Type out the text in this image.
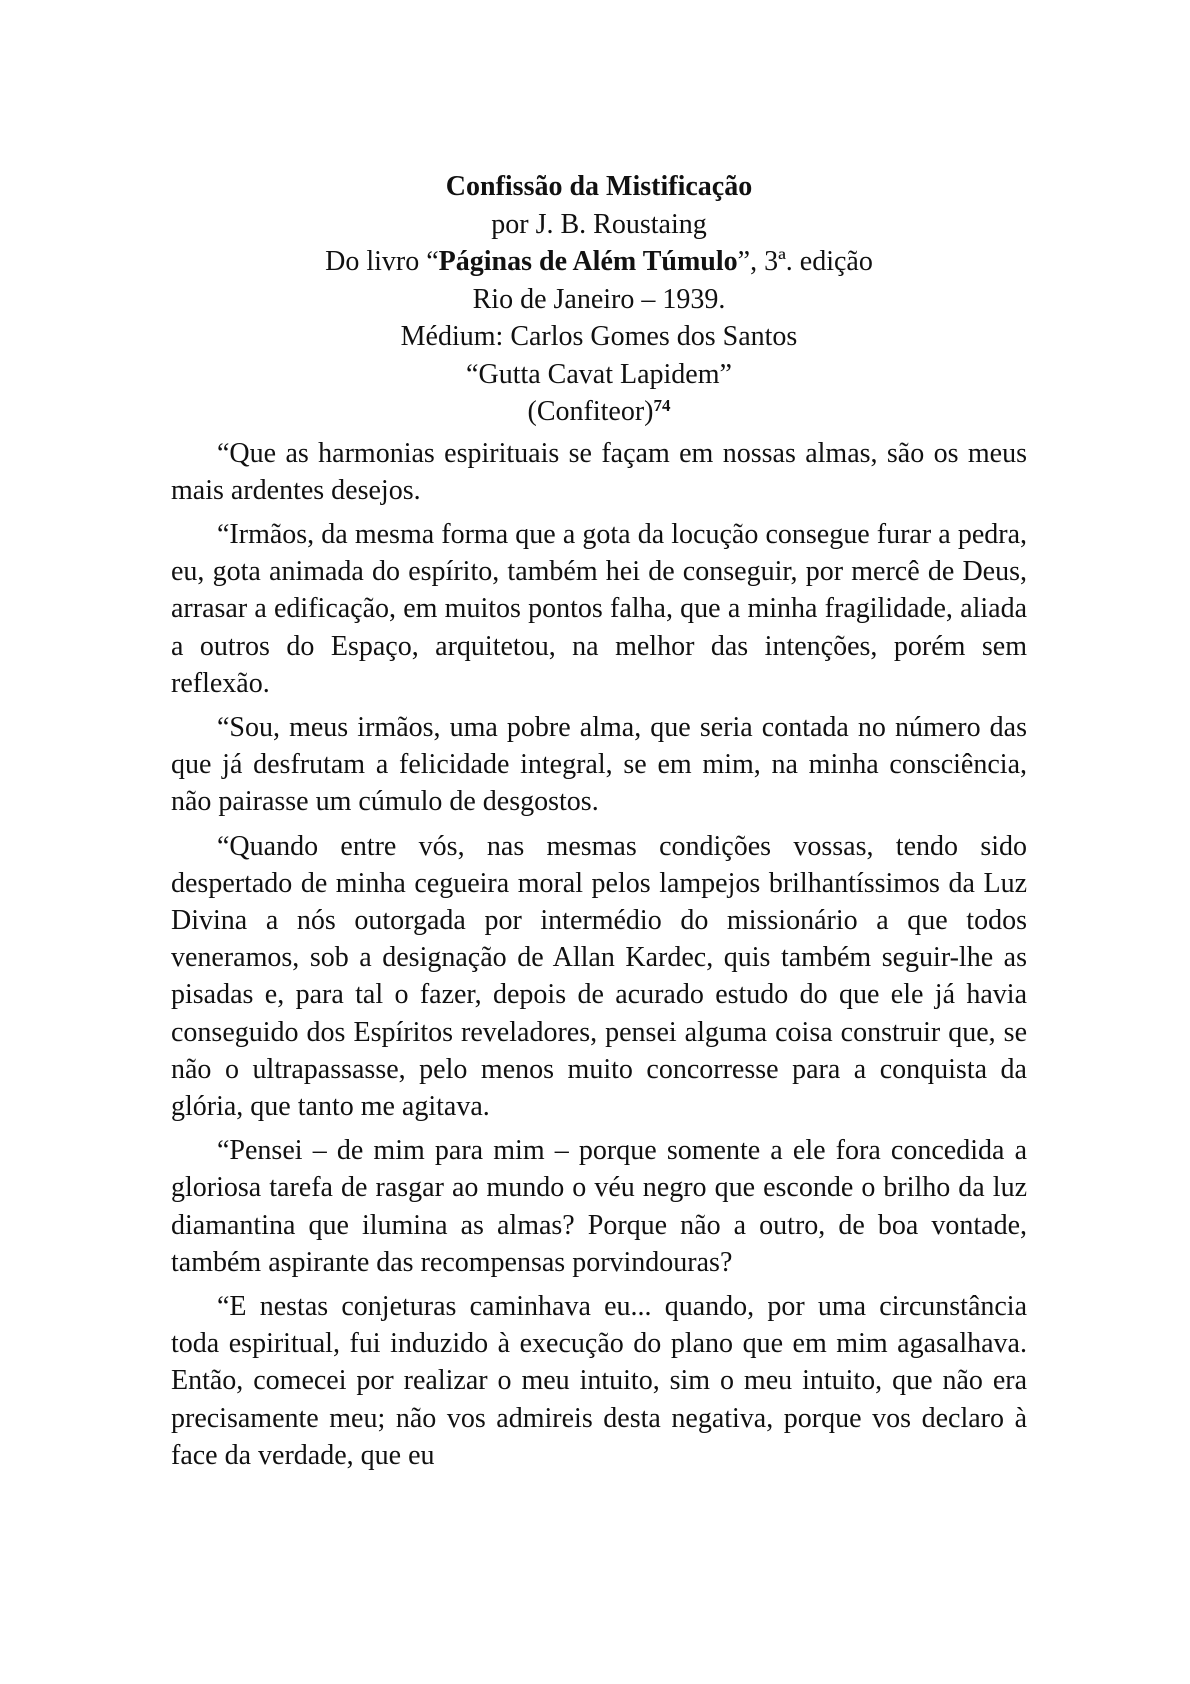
Confissão da Mistificação
por J. B. Roustaing
Do livro “Páginas de Além Túmulo”, 3ª. edição
Rio de Janeiro – 1939.
Médium: Carlos Gomes dos Santos
“Gutta Cavat Lapidem”
(Confiteor)$^{74}$

“Que as harmonias espirituais se façam em nossas almas, são os meus mais ardentes desejos.

“Irmãos, da mesma forma que a gota da locução consegue furar a pedra, eu, gota animada do espírito, também hei de conseguir, por mercê de Deus, arrasar a edificação, em muitos pontos falha, que a minha fragilidade, aliada a outros do Espaço, arquitetou, na melhor das intenções, porém sem reflexão.

“Sou, meus irmãos, uma pobre alma, que seria contada no número das que já desfrutam a felicidade integral, se em mim, na minha consciência, não pairasse um cúmulo de desgostos.

“Quando entre vós, nas mesmas condições vossas, tendo sido despertado de minha cegueira moral pelos lampejos brilhantíssimos da Luz Divina a nós outorgada por intermédio do missionário a que todos veneramos, sob a designação de Allan Kardec, quis também seguir-lhe as pisadas e, para tal o fazer, depois de acurado estudo do que ele já havia conseguido dos Espíritos reveladores, pensei alguma coisa construir que, se não o ultrapassasse, pelo menos muito concorresse para a conquista da glória, que tanto me agitava.

“Pensei – de mim para mim – porque somente a ele fora concedida a gloriosa tarefa de rasgar ao mundo o véu negro que esconde o brilho da luz diamantina que ilumina as almas? Porque não a outro, de boa vontade, também aspirante das recompensas porvindouras?

“E nestas conjeturas caminhava eu... quando, por uma circunstância toda espiritual, fui induzido à execução do plano que em mim agasalhava. Então, comecei por realizar o meu intuito, sim o meu intuito, que não era precisamente meu; não vos admireis desta negativa, porque vos declaro à face da verdade, que eu
